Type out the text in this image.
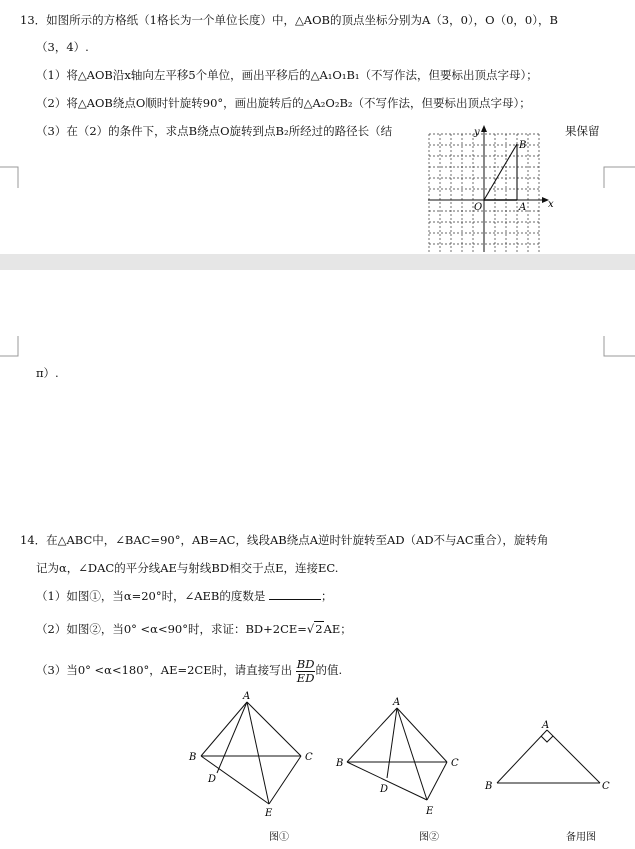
13．如图所示的方格纸（1格长为一个单位长度）中，△AOB的顶点坐标分别为A（3，0），O（0，0），B
（3，4）.
（1）将△AOB沿x轴向左平移5个单位，画出平移后的△A₁O₁B₁（不写作法，但要标出顶点字母）；
（2）将△AOB绕点O顺时针旋转90°，画出旋转后的△A₂O₂B₂（不写作法，但要标出顶点字母）；
（3）在（2）的条件下，求点B绕点O旋转到点B₂所经过的路径长（结	果保留
y
x
O	A
B
π）.
14．在△ABC中，∠BAC=90°，AB=AC，线段AB绕点A逆时针旋转至AD（AD不与AC重合），旋转角
记为α，∠DAC的平分线AE与射线BD相交于点E，连接EC.
（1）如图①，当α=20°时，∠AEB的度数是	；
（2）如图②，当0° <α<90°时，求证：BD+2CE=√2AE；
（3）当0° <α<180°，AE=2CE时，请直接写出 $\frac{BD}{ED}$ 的值.
A
B	C
D
E
图①
A
B	C
D
E
图②
A
B	C
备用图
